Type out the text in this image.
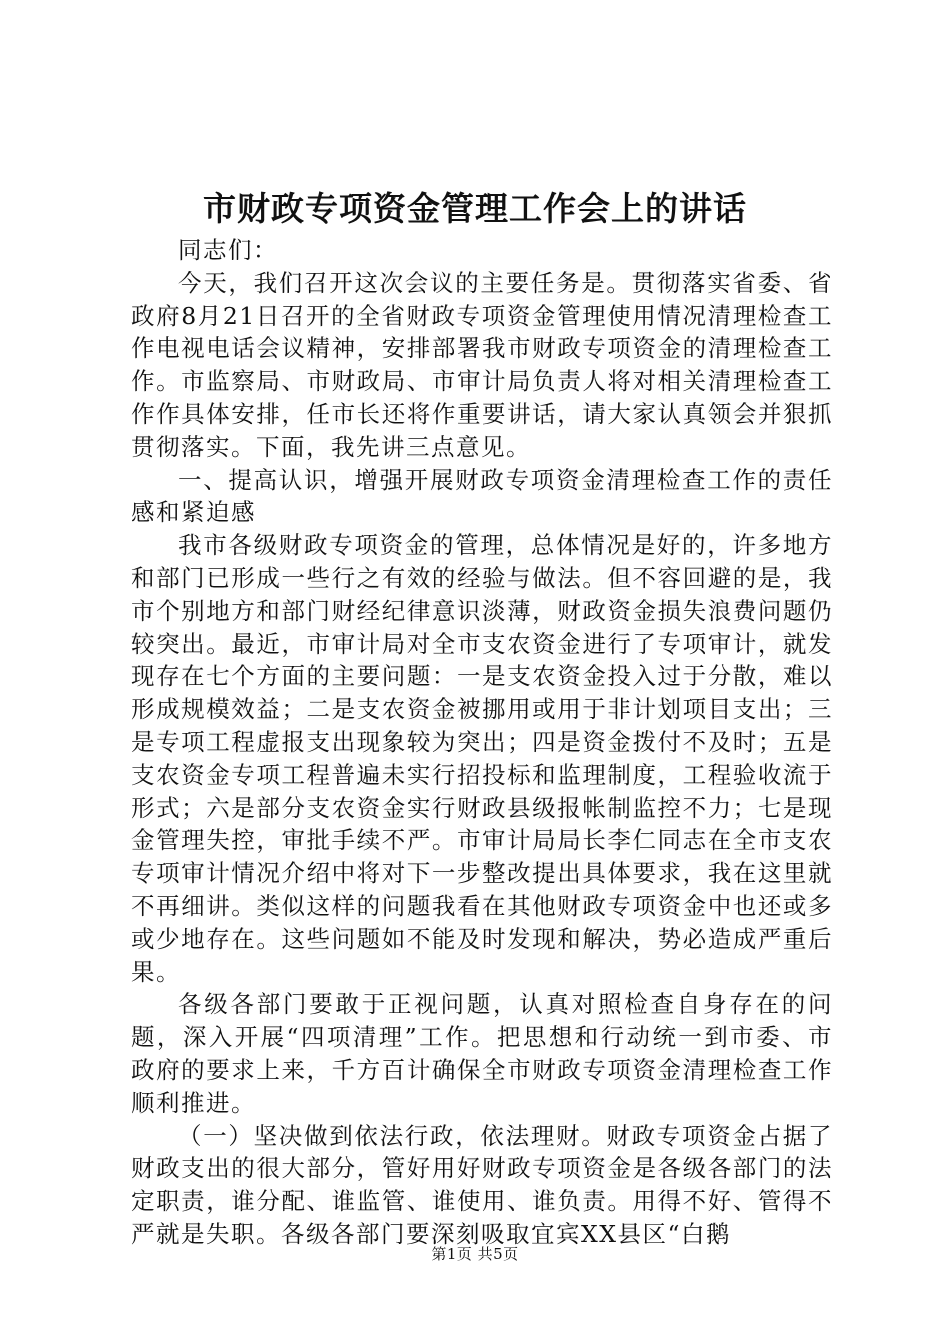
市财政专项资金管理工作会上的讲话

同志们：

今天，我们召开这次会议的主要任务是。贯彻落实省委、省政府8月21日召开的全省财政专项资金管理使用情况清理检查工作电视电话会议精神，安排部署我市财政专项资金的清理检查工作。市监察局、市财政局、市审计局负责人将对相关清理检查工作作具体安排，任市长还将作重要讲话，请大家认真领会并狠抓贯彻落实。下面，我先讲三点意见。

一、提高认识，增强开展财政专项资金清理检查工作的责任感和紧迫感

我市各级财政专项资金的管理，总体情况是好的，许多地方和部门已形成一些行之有效的经验与做法。但不容回避的是，我市个别地方和部门财经纪律意识淡薄，财政资金损失浪费问题仍较突出。最近，市审计局对全市支农资金进行了专项审计，就发现存在七个方面的主要问题：一是支农资金投入过于分散，难以形成规模效益；二是支农资金被挪用或用于非计划项目支出；三是专项工程虚报支出现象较为突出；四是资金拨付不及时；五是支农资金专项工程普遍未实行招投标和监理制度，工程验收流于形式；六是部分支农资金实行财政县级报帐制监控不力；七是现金管理失控，审批手续不严。市审计局局长李仁同志在全市支农专项审计情况介绍中将对下一步整改提出具体要求，我在这里就不再细讲。类似这样的问题我看在其他财政专项资金中也还或多或少地存在。这些问题如不能及时发现和解决，势必造成严重后果。

各级各部门要敢于正视问题，认真对照检查自身存在的问题，深入开展“四项清理”工作。把思想和行动统一到市委、市政府的要求上来，千方百计确保全市财政专项资金清理检查工作顺利推进。

（一）坚决做到依法行政，依法理财。财政专项资金占据了财政支出的很大部分，管好用好财政专项资金是各级各部门的法定职责，谁分配、谁监管、谁使用、谁负责。用得不好、管得不严就是失职。各级各部门要深刻吸取宜宾XX县区“白鹅

第1页 共5页
